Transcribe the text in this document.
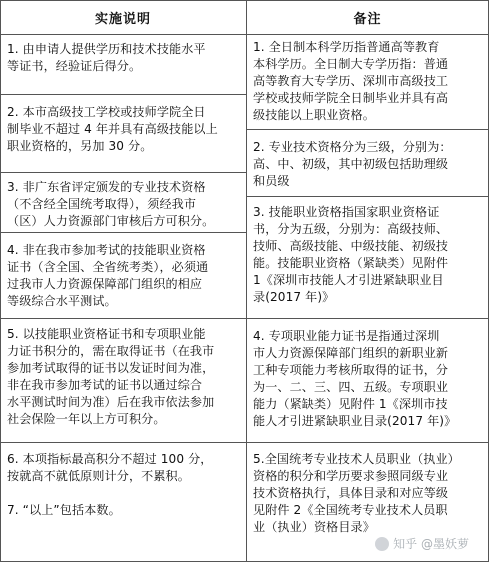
实施说明	备注
1. 由申请人提供学历和技术技能水平
等证书，经验证后得分。
1. 全日制本科学历指普通高等教育
本科学历。全日制大专学历指：普通
高等教育大专学历、深圳市高级技工
学校或技师学院全日制毕业并具有高
级技能以上职业资格。
2. 本市高级技工学校或技师学院全日
制毕业不超过 4 年并具有高级技能以上
职业资格的，另加 30 分。	2. 专业技术资格分为三级，分别为：
高、中、初级，其中初级包括助理级
和员级
3. 非广东省评定颁发的专业技术资格
（不含经全国统考取得），须经我市
（区）人力资源部门审核后方可积分。
3. 技能职业资格指国家职业资格证
书，分为五级，分别为：高级技师、
技师、高级技能、中级技能、初级技
能。技能职业资格（紧缺类）见附件
1《深圳市技能人才引进紧缺职业目
录(2017 年)》
4. 非在我市参加考试的技能职业资格
证书（含全国、全省统考类），必须通
过我市人力资源保障部门组织的相应
等级综合水平测试。
5. 以技能职业资格证书和专项职业能
力证书积分的，需在取得证书（在我市
参加考试取得的证书以发证时间为准，
非在我市参加考试的证书以通过综合
水平测试时间为准）后在我市依法参加
社会保险一年以上方可积分。
4. 专项职业能力证书是指通过深圳
市人力资源保障部门组织的新职业新
工种专项能力考核所取得的证书，分
为一、二、三、四、五级。专项职业
能力（紧缺类）见附件 1《深圳市技
能人才引进紧缺职业目录(2017 年)》
6. 本项指标最高积分不超过 100 分，
按就高不就低原则计分，不累积。

7. “以上”包括本数。
5.全国统考专业技术人员职业（执业）
资格的积分和学历要求参照同级专业
技术资格执行，具体目录和对应等级
见附件 2《全国统考专业技术人员职
业（执业）资格目录》
知乎 @墨妖萝
